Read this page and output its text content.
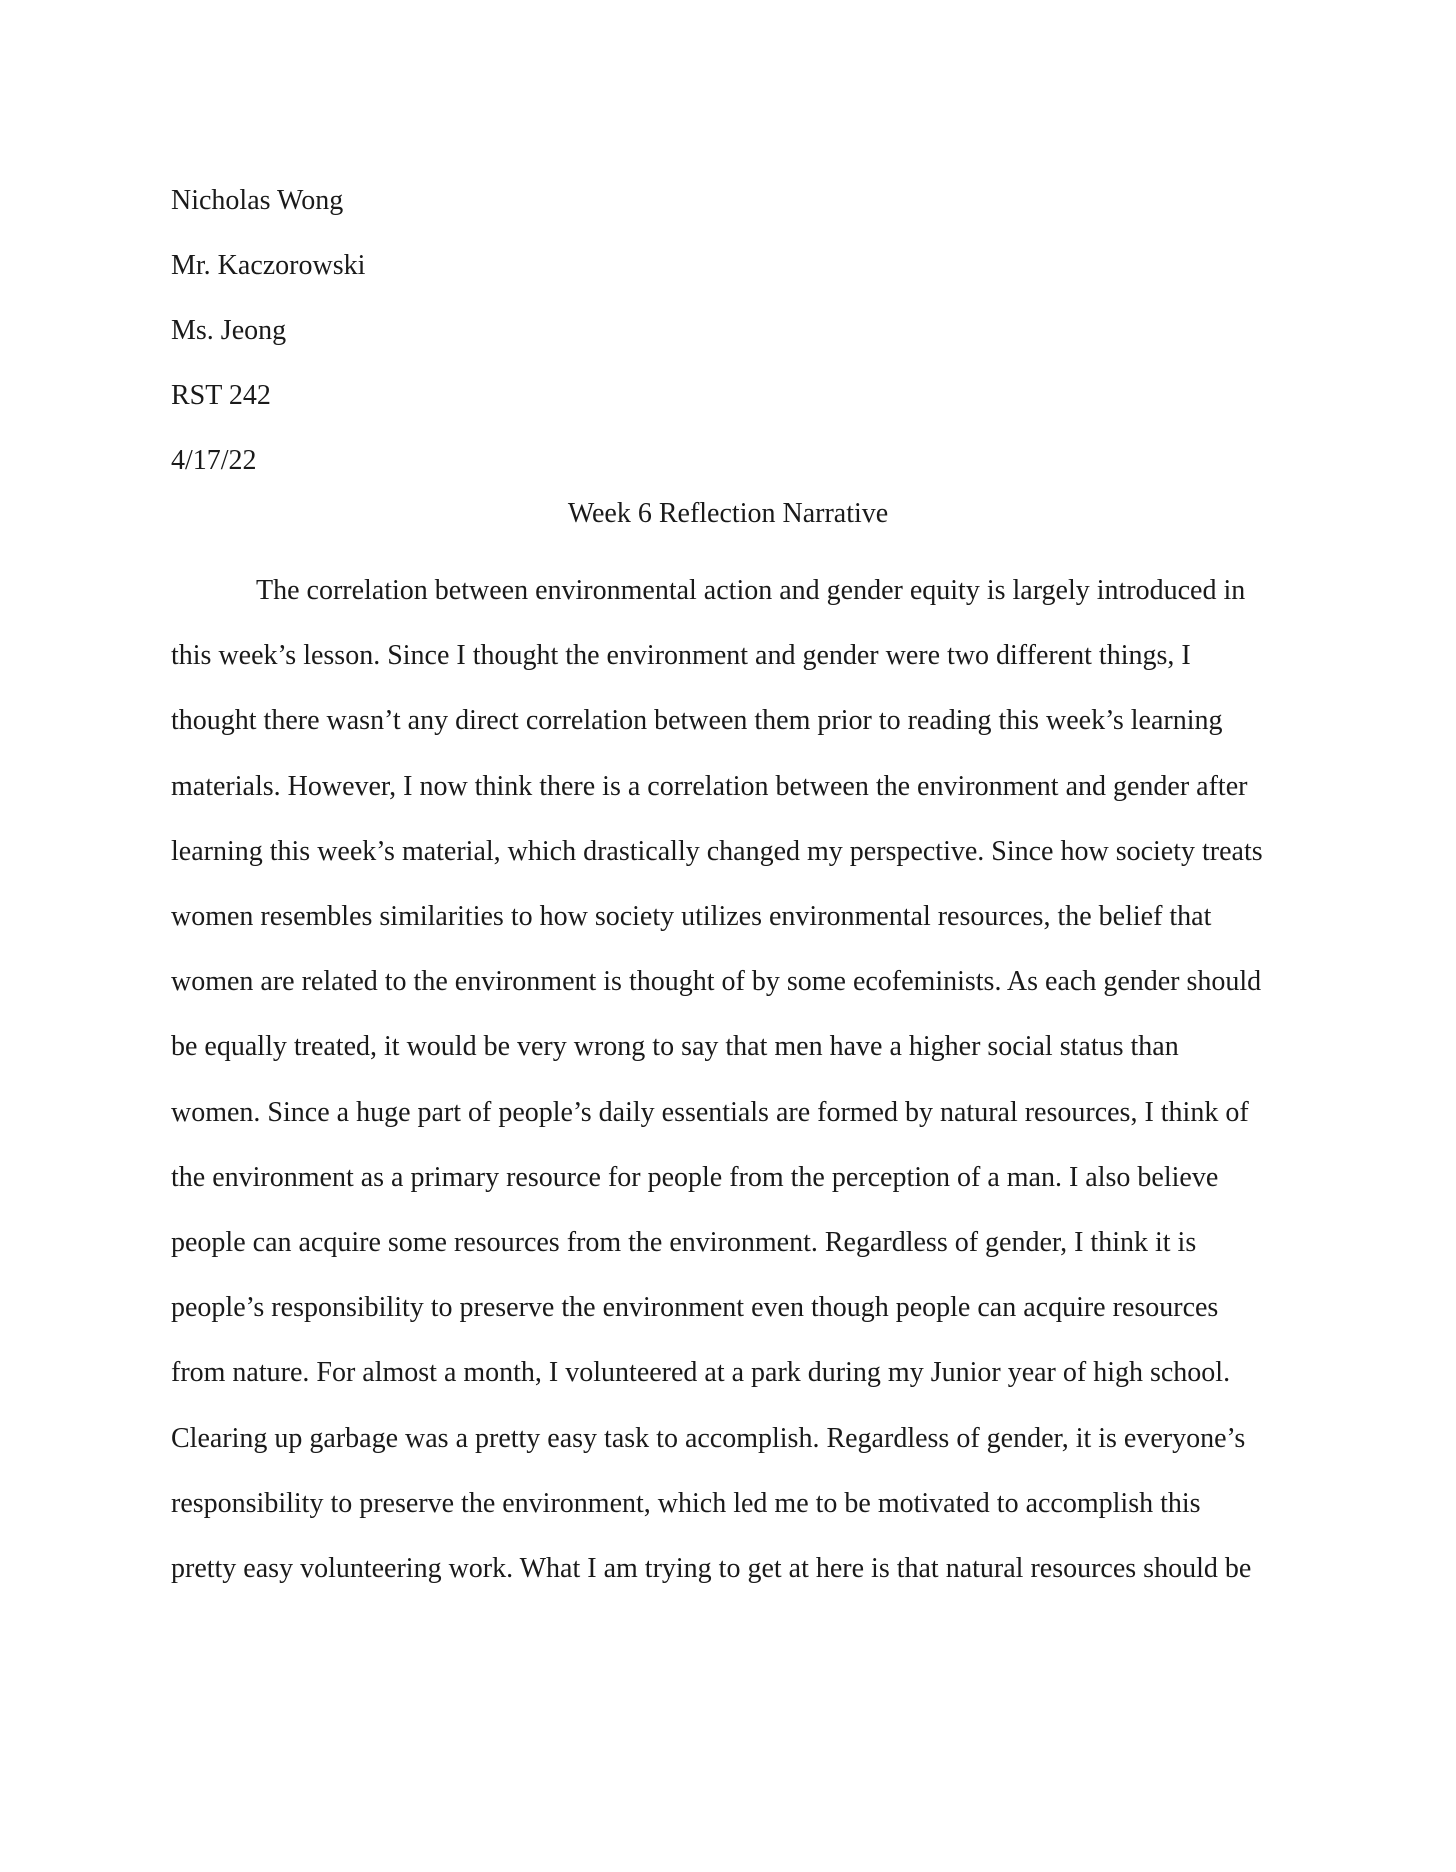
Nicholas Wong
Mr. Kaczorowski
Ms. Jeong
RST 242
4/17/22
Week 6 Reflection Narrative
The correlation between environmental action and gender equity is largely introduced in
this week’s lesson. Since I thought the environment and gender were two different things, I
thought there wasn’t any direct correlation between them prior to reading this week’s learning
materials. However, I now think there is a correlation between the environment and gender after
learning this week’s material, which drastically changed my perspective. Since how society treats
women resembles similarities to how society utilizes environmental resources, the belief that
women are related to the environment is thought of by some ecofeminists. As each gender should
be equally treated, it would be very wrong to say that men have a higher social status than
women. Since a huge part of people’s daily essentials are formed by natural resources, I think of
the environment as a primary resource for people from the perception of a man. I also believe
people can acquire some resources from the environment. Regardless of gender, I think it is
people’s responsibility to preserve the environment even though people can acquire resources
from nature. For almost a month, I volunteered at a park during my Junior year of high school.
Clearing up garbage was a pretty easy task to accomplish. Regardless of gender, it is everyone’s
responsibility to preserve the environment, which led me to be motivated to accomplish this
pretty easy volunteering work. What I am trying to get at here is that natural resources should be
